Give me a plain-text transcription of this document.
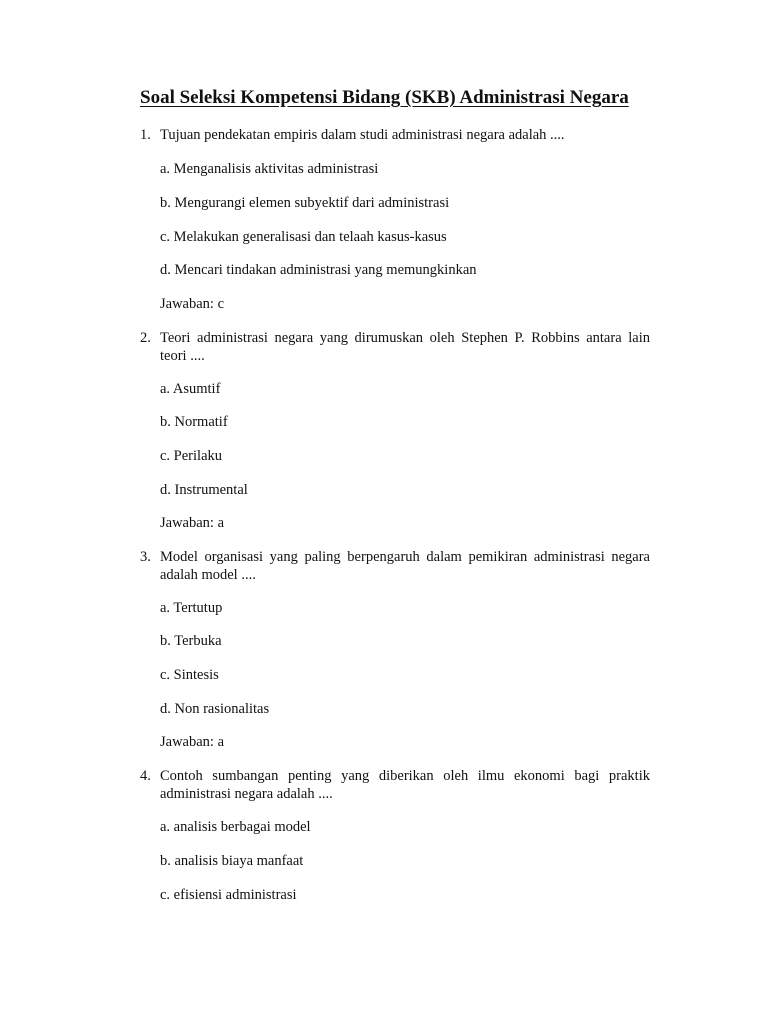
Soal Seleksi Kompetensi Bidang (SKB) Administrasi Negara
1. Tujuan pendekatan empiris dalam studi administrasi negara adalah ....
a. Menganalisis aktivitas administrasi
b. Mengurangi elemen subyektif dari administrasi
c. Melakukan generalisasi dan telaah kasus-kasus
d. Mencari tindakan administrasi yang memungkinkan
Jawaban: c
2. Teori administrasi negara yang dirumuskan oleh Stephen P. Robbins antara lain teori ....
a. Asumtif
b. Normatif
c. Perilaku
d. Instrumental
Jawaban: a
3. Model organisasi yang paling berpengaruh dalam pemikiran administrasi negara adalah model ....
a. Tertutup
b. Terbuka
c. Sintesis
d. Non rasionalitas
Jawaban: a
4. Contoh sumbangan penting yang diberikan oleh ilmu ekonomi bagi praktik administrasi negara adalah ....
a. analisis berbagai model
b. analisis biaya manfaat
c. efisiensi administrasi
